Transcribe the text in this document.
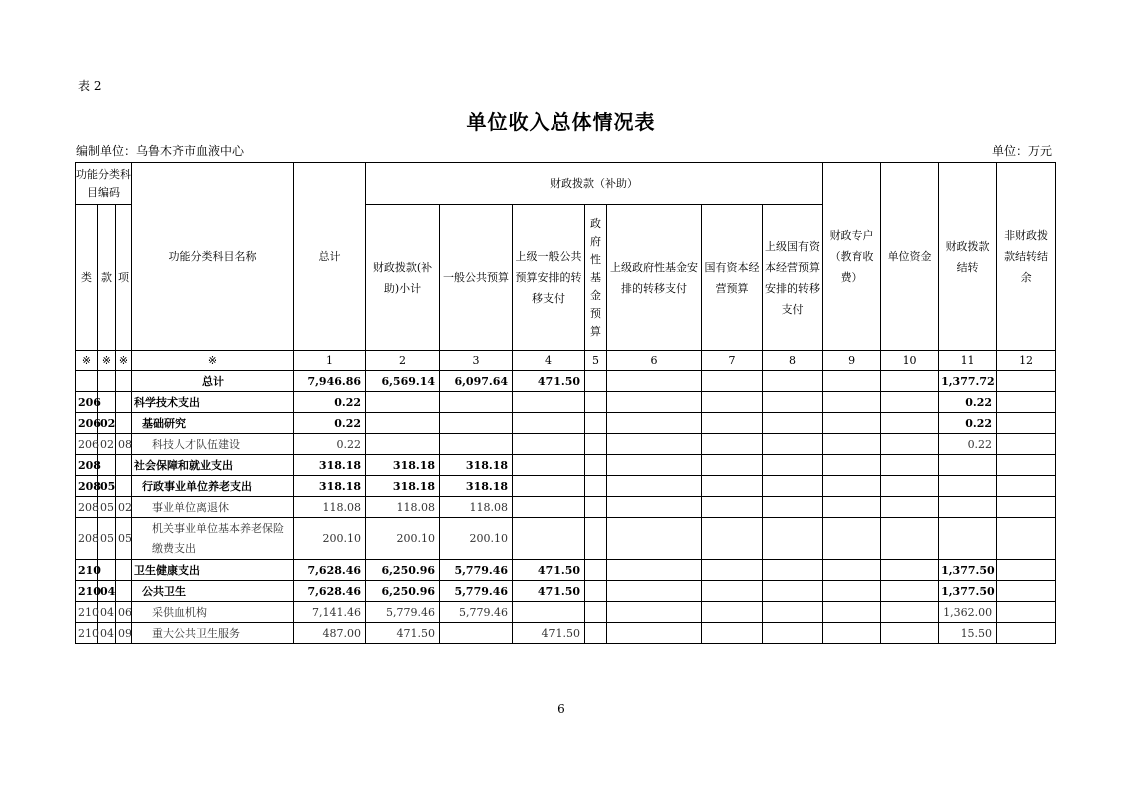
表 2
单位收入总体情况表
编制单位：乌鲁木齐市血液中心	单位：万元
功能分类科目编码			功能分类科目名称	总计	财政拨款（补助）							财政专户（教育收费）	单位资金	财政拨款结转	非财政拨款结转结余
类	款	项			财政拨款(补助)小计	一般公共预算	上级一般公共预算安排的转移支付	政府性基金预算	上级政府性基金安排的转移支付	国有资本经营预算	上级国有资本经营预算安排的转移支付				
※	※	※	※	1	2	3	4	5	6	7	8	9	10	11	12
			总计	7,946.86	6,569.14	6,097.64	471.50							1,377.72	
206			科学技术支出	0.22										0.22	
206	02		基础研究	0.22										0.22	
206	02	08	科技人才队伍建设	0.22										0.22	
208			社会保障和就业支出	318.18	318.18	318.18									
208	05		行政事业单位养老支出	318.18	318.18	318.18									
208	05	02	事业单位离退休	118.08	118.08	118.08									
208	05	05	机关事业单位基本养老保险缴费支出	200.10	200.10	200.10									
210			卫生健康支出	7,628.46	6,250.96	5,779.46	471.50							1,377.50	
210	04		公共卫生	7,628.46	6,250.96	5,779.46	471.50							1,377.50	
210	04	06	采供血机构	7,141.46	5,779.46	5,779.46								1,362.00	
210	04	09	重大公共卫生服务	487.00	471.50		471.50							15.50	
6
